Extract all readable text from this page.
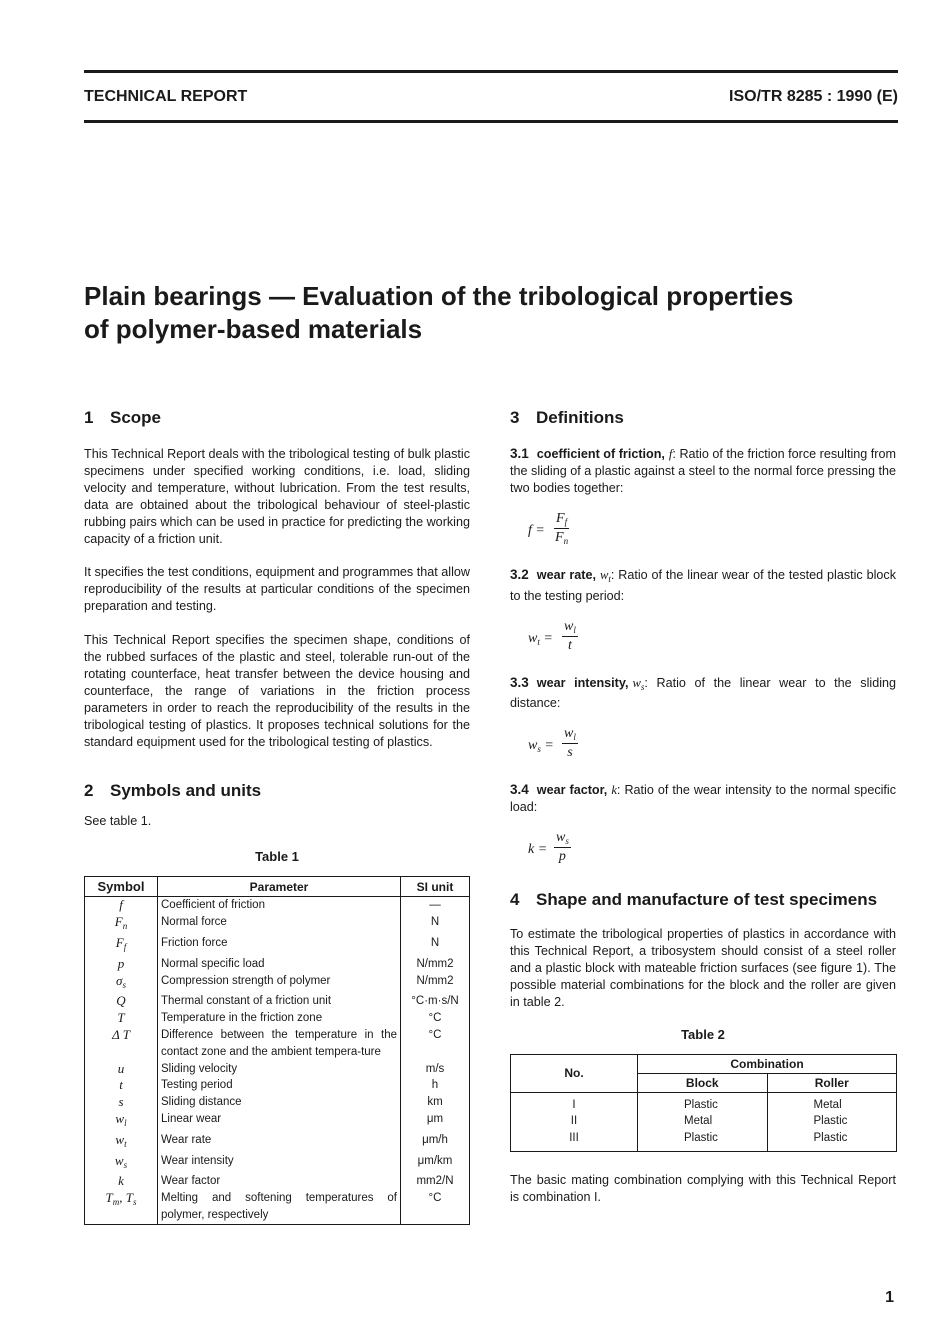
TECHNICAL REPORT	ISO/TR 8285 : 1990 (E)
Plain bearings — Evaluation of the tribological properties
of polymer-based materials
1 Scope

This Technical Report deals with the tribological testing of bulk plastic specimens under specified working conditions, i.e. load, sliding velocity and temperature, without lubrication. From the test results, data are obtained about the tribological behaviour of steel-plastic rubbing pairs which can be used in practice for predicting the working capacity of a friction unit.

It specifies the test conditions, equipment and programmes that allow reproducibility of the results at particular conditions of the specimen preparation and testing.

This Technical Report specifies the specimen shape, conditions of the rubbed surfaces of the plastic and steel, tolerable run-out of the rotating counterface, heat transfer between the device housing and counterface, the range of variations in the friction process parameters in order to reach the reproducibility of the results in the tribological testing of plastics. It proposes technical solutions for the standard equipment used for the tribological testing of plastics.

2 Symbols and units

See table 1.

Table 1
Symbol	Parameter	SI unit
f	Coefficient of friction	—
$F_n$	Normal force	N
$F_f$	Friction force	N
p	Normal specific load	N/mm2
$\sigma_s$	Compression strength of polymer	N/mm2
Q	Thermal constant of a friction unit	°C·m·s/N
T	Temperature in the friction zone	°C
Δ T	Difference between the temperature in the contact zone and the ambient tempera-ture	°C
u	Sliding velocity	m/s
t	Testing period	h
s	Sliding distance	km
$w_l$	Linear wear	μm
$w_t$	Wear rate	μm/h
$w_s$	Wear intensity	μm/km
k	Wear factor	mm2/N
$T_m$, $T_s$	Melting and softening temperatures of polymer, respectively	°C
3 Definitions

3.1 coefficient of friction, f: Ratio of the friction force resulting from the sliding of a plastic against a steel to the normal force pressing the two bodies together:

$f = \frac{F_f}{F_n}$

3.2 wear rate, $w_t$: Ratio of the linear wear of the tested plastic block to the testing period:

$w_t = \frac{w_l}{t}$

3.3 wear intensity, $w_s$: Ratio of the linear wear to the sliding distance:

$w_s = \frac{w_l}{s}$

3.4 wear factor, k: Ratio of the wear intensity to the normal specific load:

$k = \frac{w_s}{p}$
4 Shape and manufacture of test specimens

To estimate the tribological properties of plastics in accordance with this Technical Report, a tribosystem should consist of a steel roller and a plastic block with mateable friction surfaces (see figure 1). The possible material combinations for the block and the roller are given in table 2.

Table 2
No.	Combination	
	Block	Roller
I	Plastic	Metal
II	Metal	Plastic
III	Plastic	Plastic

The basic mating combination complying with this Technical Report is combination I.

1
